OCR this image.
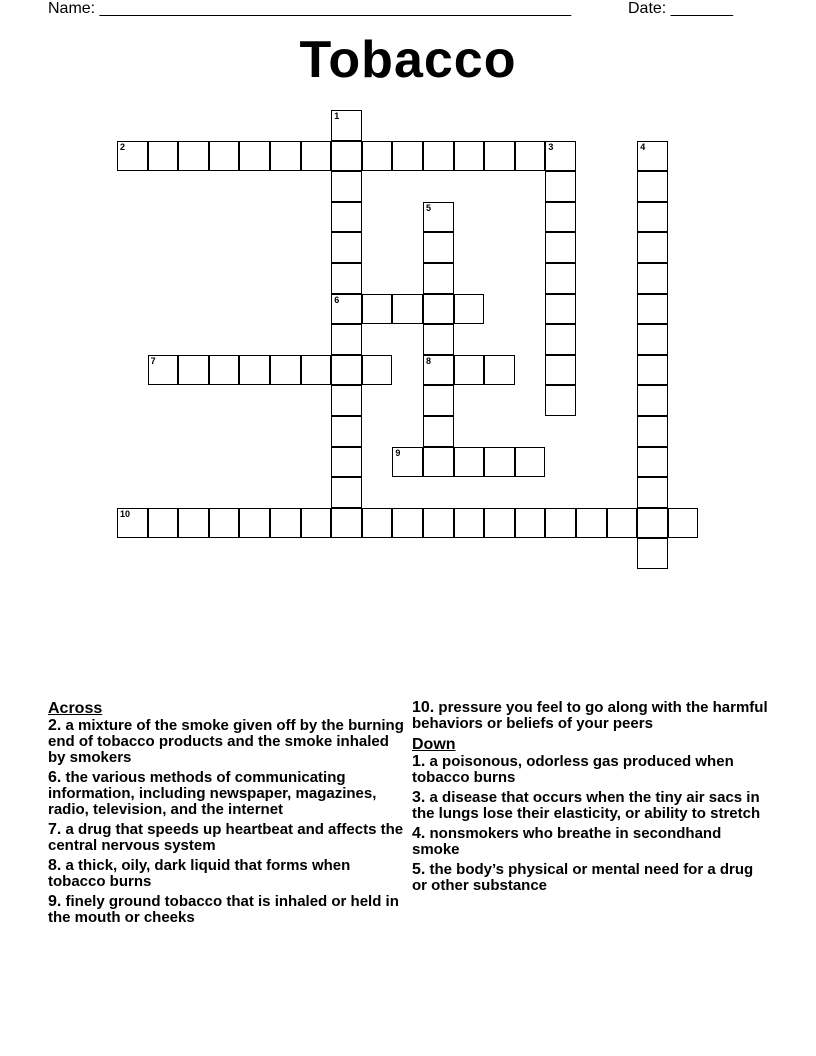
Name: _____________________________________________________	Date: _______
Tobacco
2	3
6
7	8
9
10
1
4
5
Across
2. a mixture of the smoke given off by the burning end of tobacco products and the smoke inhaled by smokers
6. the various methods of communicating information, including newspaper, magazines, radio, television, and the internet
7. a drug that speeds up heartbeat and affects the central nervous system
8. a thick, oily, dark liquid that forms when tobacco burns
9. finely ground tobacco that is inhaled or held in the mouth or cheeks
10. pressure you feel to go along with the harmful behaviors or beliefs of your peers
Down
1. a poisonous, odorless gas produced when tobacco burns
3. a disease that occurs when the tiny air sacs in the lungs lose their elasticity, or ability to stretch
4. nonsmokers who breathe in secondhand smoke
5. the body’s physical or mental need for a drug or other substance
